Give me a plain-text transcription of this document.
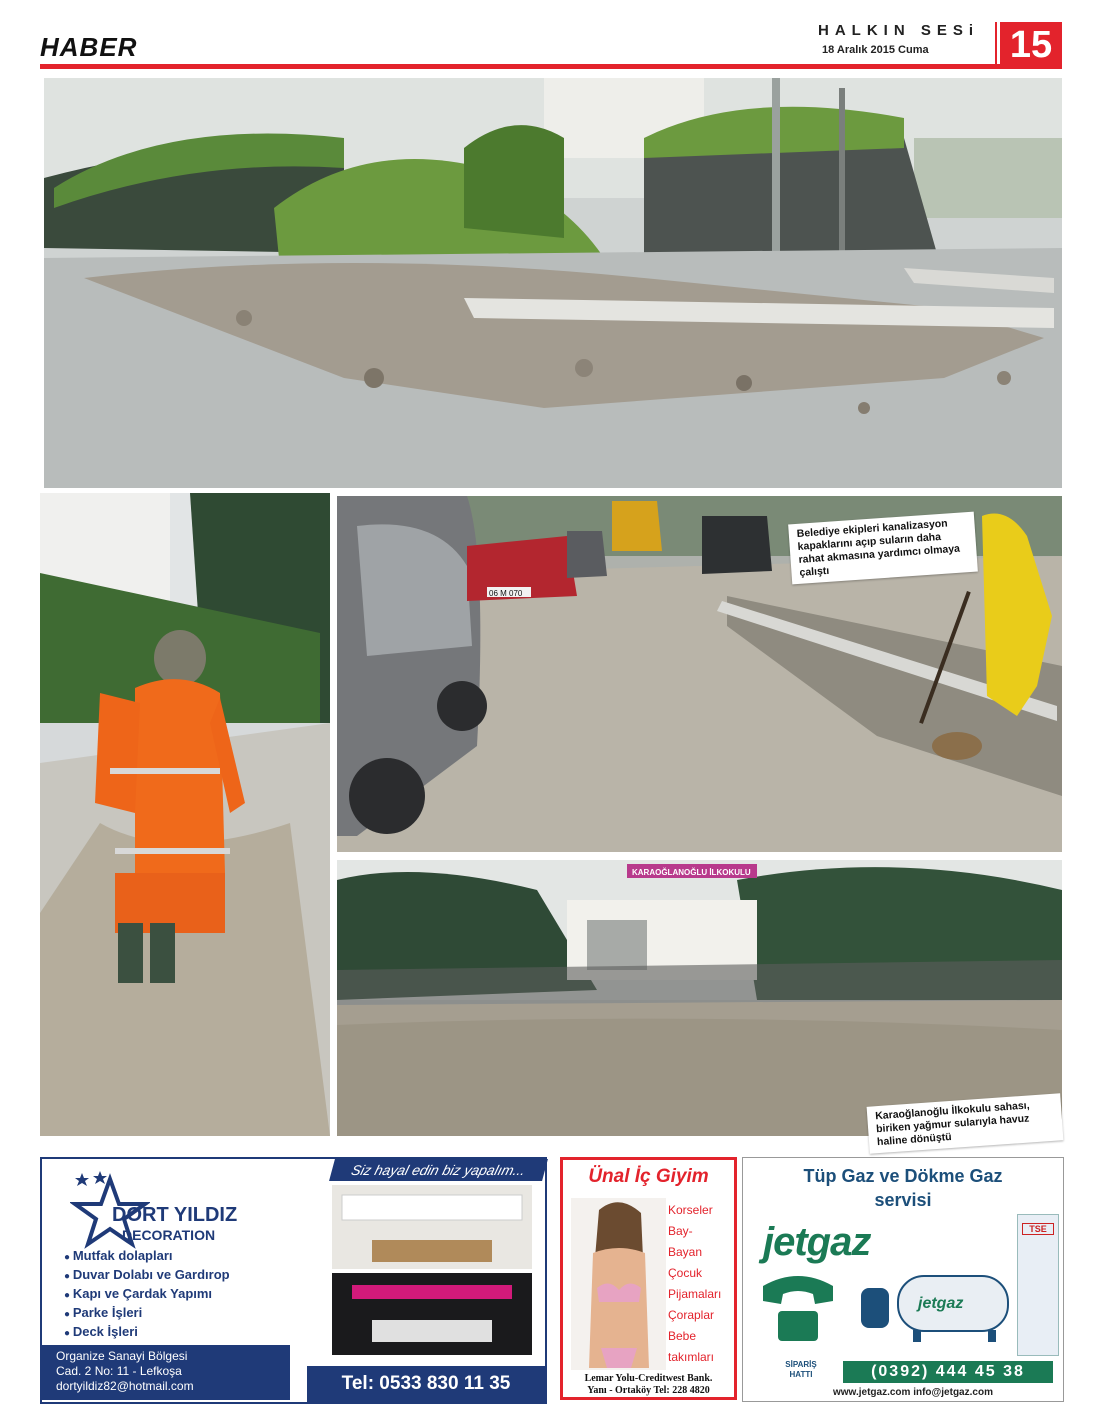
HABER
HALKIN SESi
18 Aralık 2015 Cuma 15
06 M 070
Belediye ekipleri kanalizasyon kapaklarını açıp suların daha rahat akmasına yardımcı olmaya çalıştı
KARAOĞLANOĞLU İLKOKULU
Karaoğlanoğlu İlkokulu sahası, biriken yağmur sularıyla havuz haline dönüştü
Siz hayal edin biz yapalım...
DÖRT YILDIZ
DECORATION
● Mutfak dolapları
● Duvar Dolabı ve Gardırop
● Kapı ve Çardak Yapımı
● Parke İşleri
● Deck İşleri
Organize Sanayi Bölgesi
Cad. 2 No: 11 - Lefkoşa
dortyildiz82@hotmail.com	Tel: 0533 830 11 35
Ünal İç Giyim
Korseler
Bay-
Bayan
Çocuk
Pijamaları
Çoraplar
Bebe
takımları
Lemar Yolu-Creditwest Bank.
Yanı - Ortaköy Tel: 228 4820
Tüp Gaz ve Dökme Gaz
servisi
jetgaz	TSE
jetgaz
SİPARİŞ
HATTI	(0392) 444 45 38
www.jetgaz.com info@jetgaz.com
